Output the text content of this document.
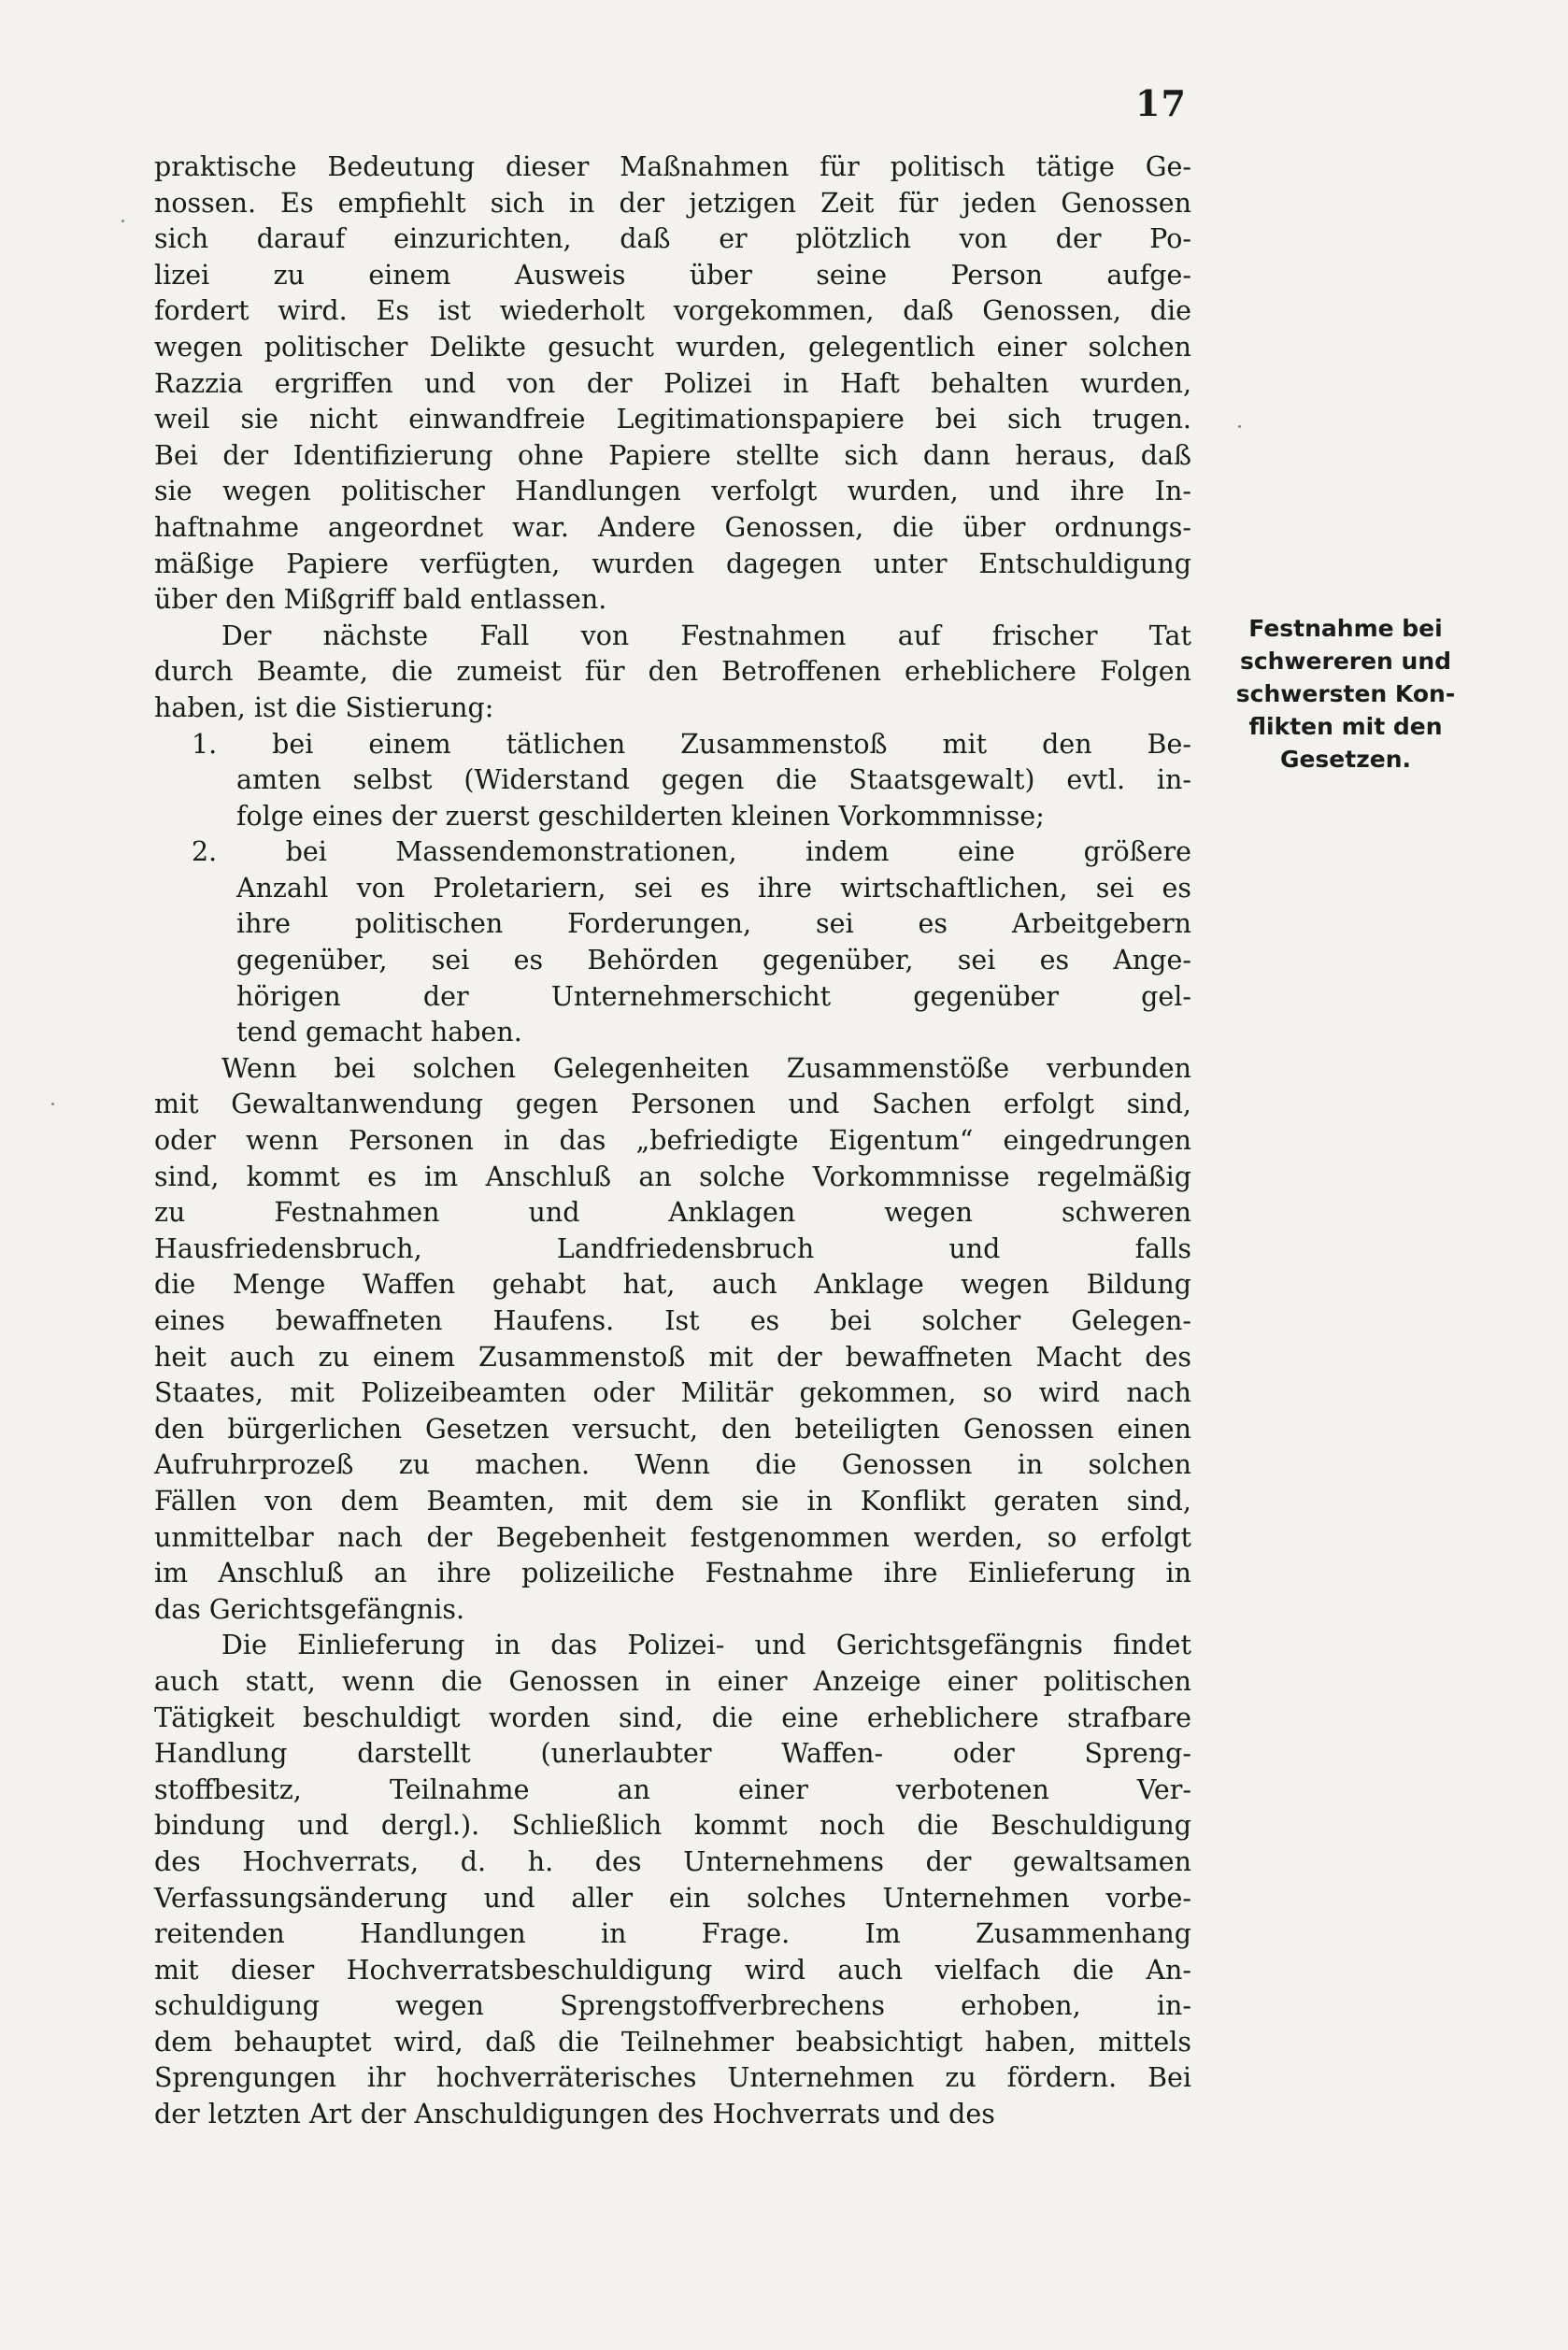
17
praktische Bedeutung dieser Maßnahmen für politisch tätige Ge-
nossen. Es empfiehlt sich in der jetzigen Zeit für jeden Genossen
sich darauf einzurichten, daß er plötzlich von der Po-
lizei zu einem Ausweis über seine Person aufge-
fordert wird. Es ist wiederholt vorgekommen, daß Genossen, die
wegen politischer Delikte gesucht wurden, gelegentlich einer solchen
Razzia ergriffen und von der Polizei in Haft behalten wurden,
weil sie nicht einwandfreie Legitimationspapiere bei sich trugen.
Bei der Identifizierung ohne Papiere stellte sich dann heraus, daß
sie wegen politischer Handlungen verfolgt wurden, und ihre In-
haftnahme angeordnet war. Andere Genossen, die über ordnungs-
mäßige Papiere verfügten, wurden dagegen unter Entschuldigung
über den Mißgriff bald entlassen.
Der nächste Fall von Festnahmen auf frischer Tat
durch Beamte, die zumeist für den Betroffenen erheblichere Folgen
haben, ist die Sistierung:
1. bei einem tätlichen Zusammenstoß mit den Be-
amten selbst (Widerstand gegen die Staatsgewalt) evtl. in-
folge eines der zuerst geschilderten kleinen Vorkommnisse;
2. bei Massendemonstrationen, indem eine größere
Anzahl von Proletariern, sei es ihre wirtschaftlichen, sei es
ihre politischen Forderungen, sei es Arbeitgebern
gegenüber, sei es Behörden gegenüber, sei es Ange-
hörigen der Unternehmerschicht gegenüber gel-
tend gemacht haben.
Wenn bei solchen Gelegenheiten Zusammenstöße verbunden
mit Gewaltanwendung gegen Personen und Sachen erfolgt sind,
oder wenn Personen in das „befriedigte Eigentum“ eingedrungen
sind, kommt es im Anschluß an solche Vorkommnisse regelmäßig
zu Festnahmen und Anklagen wegen schweren
Hausfriedensbruch, Landfriedensbruch und falls
die Menge Waffen gehabt hat, auch Anklage wegen Bildung
eines bewaffneten Haufens. Ist es bei solcher Gelegen-
heit auch zu einem Zusammenstoß mit der bewaffneten Macht des
Staates, mit Polizeibeamten oder Militär gekommen, so wird nach
den bürgerlichen Gesetzen versucht, den beteiligten Genossen einen
Aufruhrprozeß zu machen. Wenn die Genossen in solchen
Fällen von dem Beamten, mit dem sie in Konflikt geraten sind,
unmittelbar nach der Begebenheit festgenommen werden, so erfolgt
im Anschluß an ihre polizeiliche Festnahme ihre Einlieferung in
das Gerichtsgefängnis.
Die Einlieferung in das Polizei- und Gerichtsgefängnis findet
auch statt, wenn die Genossen in einer Anzeige einer politischen
Tätigkeit beschuldigt worden sind, die eine erheblichere strafbare
Handlung darstellt (unerlaubter Waffen- oder Spreng-
stoffbesitz, Teilnahme an einer verbotenen Ver-
bindung und dergl.). Schließlich kommt noch die Beschuldigung
des Hochverrats, d. h. des Unternehmens der gewaltsamen
Verfassungsänderung und aller ein solches Unternehmen vorbe-
reitenden Handlungen in Frage. Im Zusammenhang
mit dieser Hochverratsbeschuldigung wird auch vielfach die An-
schuldigung wegen Sprengstoffverbrechens erhoben, in-
dem behauptet wird, daß die Teilnehmer beabsichtigt haben, mittels
Sprengungen ihr hochverräterisches Unternehmen zu fördern. Bei
der letzten Art der Anschuldigungen des Hochverrats und des
Festnahme bei
schwereren und
schwersten Kon-
flikten mit den
Gesetzen.
